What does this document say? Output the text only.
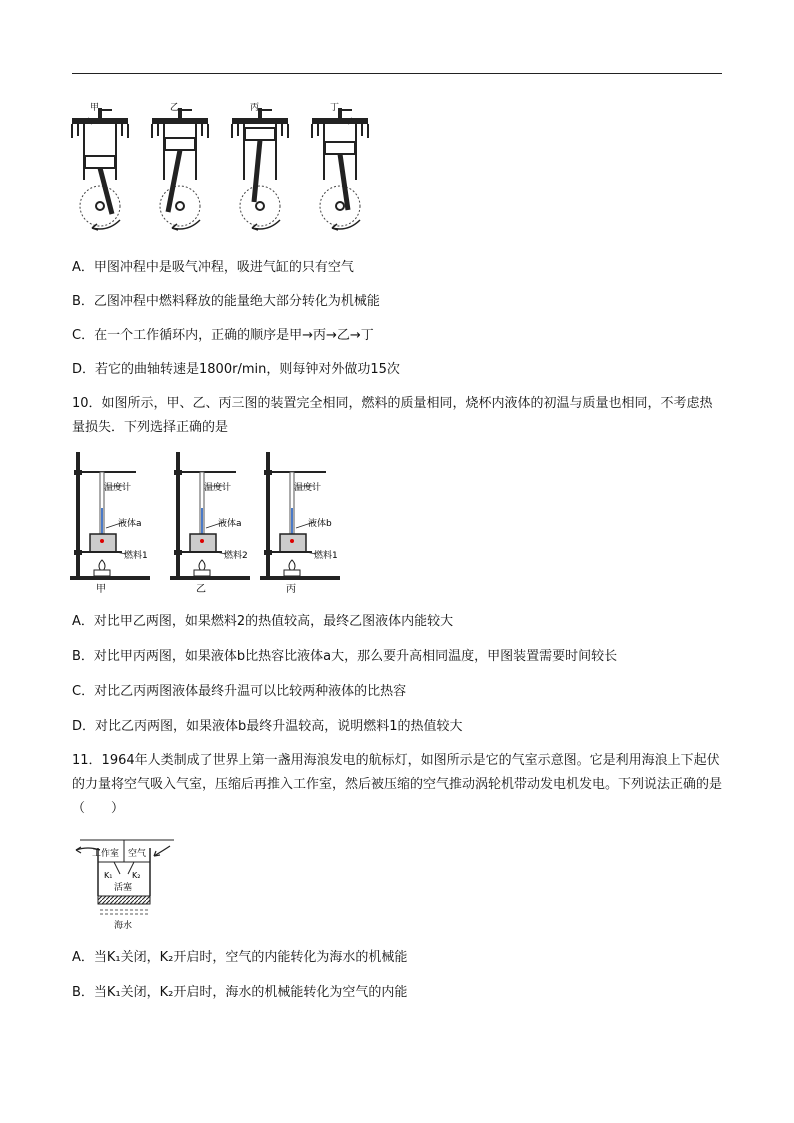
甲	乙	丙	丁
A．甲图冲程中是吸气冲程，吸进气缸的只有空气
B．乙图冲程中燃料释放的能量绝大部分转化为机械能
C．在一个工作循环内，正确的顺序是甲→丙→乙→丁
D．若它的曲轴转速是1800r/min，则每钟对外做功15次
10．如图所示，甲、乙、丙三图的装置完全相同，燃料的质量相同，烧杯内液体的初温与质量也相同，不考虑热量损失．下列选择正确的是
温度计
液体a
燃料1
甲
温度计
液体a
燃料2
乙
温度计
液体b
燃料1
丙
A．对比甲乙两图，如果燃料2的热值较高，最终乙图液体内能较大
B．对比甲丙两图，如果液体b比热容比液体a大，那么要升高相同温度，甲图装置需要时间较长
C．对比乙丙两图液体最终升温可以比较两种液体的比热容
D．对比乙丙两图，如果液体b最终升温较高，说明燃料1的热值较大
11．1964年人类制成了世界上第一盏用海浪发电的航标灯，如图所示是它的气室示意图。它是利用海浪上下起伏的力量将空气吸入气室，压缩后再推入工作室，然后被压缩的空气推动涡轮机带动发电机发电。下列说法正确的是（　　）
工作室 空气
K₁ K₂
活塞
海水
A．当K₁关闭，K₂开启时，空气的内能转化为海水的机械能
B．当K₁关闭，K₂开启时，海水的机械能转化为空气的内能
